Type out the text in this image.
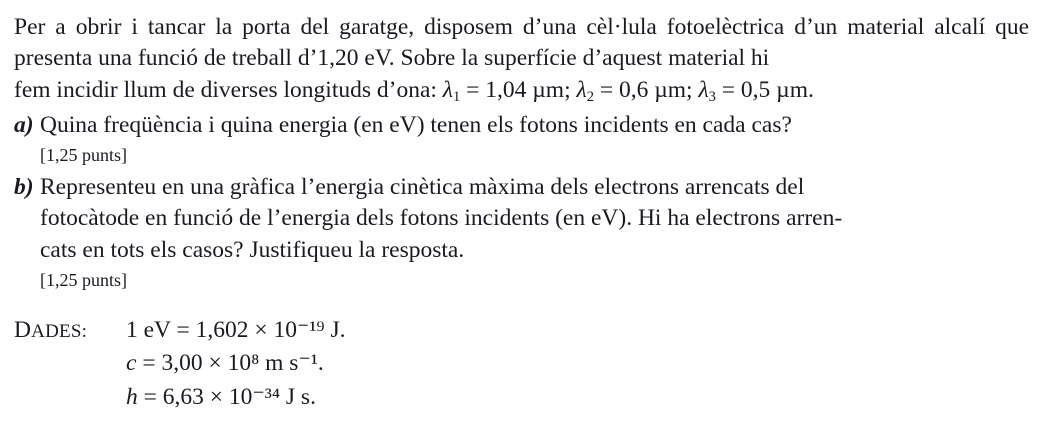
Per a obrir i tancar la porta del garatge, disposem d’una cèl·lula fotoelèctrica d’un material alcalí que presenta una funció de treball d’1,20 eV. Sobre la superfície d’aquest material hi
fem incidir llum de diverses longituds d’ona: $\lambda_1 = 1,04$ µm; $\lambda_2 = 0,6$ µm; $\lambda_3 = 0,5$ µm.

a) Quina freqüència i quina energia (en eV) tenen els fotons incidents en cada cas?
[1,25 punts]
b) Representeu en una gràfica l’energia cinètica màxima dels electrons arrencats del
fotocàtode en funció de l’energia dels fotons incidents (en eV). Hi ha electrons arren-
cats en tots els casos? Justifiqueu la resposta.
[1,25 punts]
DADES:	1 eV = 1,602 × 10⁻¹⁹ J.
c = 3,00 × 10⁸ m s⁻¹.
h = 6,63 × 10⁻³⁴ J s.
